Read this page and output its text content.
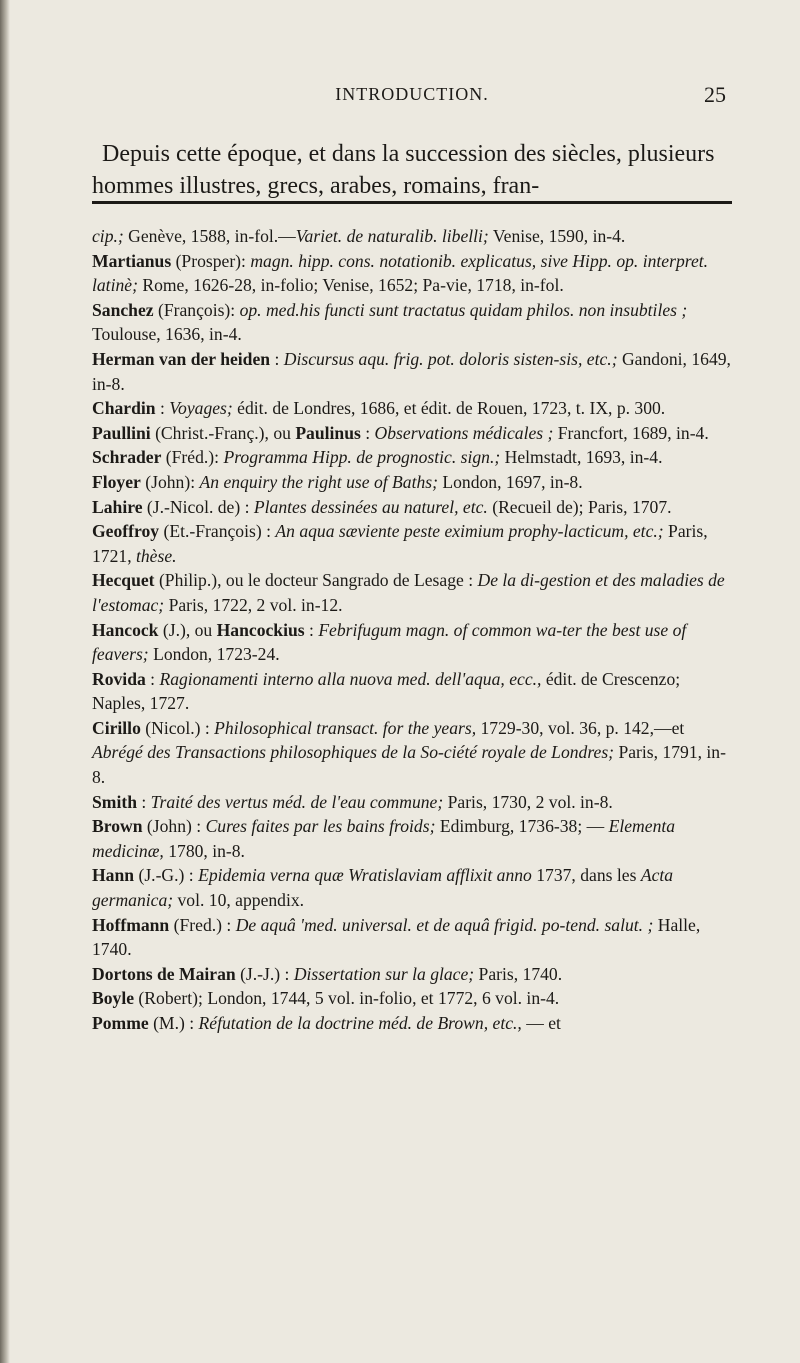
INTRODUCTION.	25

Depuis cette époque, et dans la succession des siècles, plusieurs hommes illustres, grecs, arabes, romains, fran-

cip.; Genève, 1588, in-fol.—Variet. de naturalib. libelli; Venise, 1590, in-4.

Martianus (Prosper): magn. hipp. cons. notationib. explicatus, sive Hipp. op. interpret. latinè; Rome, 1626-28, in-folio; Venise, 1652; Pa-vie, 1718, in-fol.

Sanchez (François): op. med.his functi sunt tractatus quidam philos. non insubtiles ; Toulouse, 1636, in-4.

Herman van der heiden : Discursus aqu. frig. pot. doloris sisten-sis, etc.; Gandoni, 1649, in-8.

Chardin : Voyages; édit. de Londres, 1686, et édit. de Rouen, 1723, t. IX, p. 300.

Paullini (Christ.-Franç.), ou Paulinus : Observations médicales ; Francfort, 1689, in-4.

Schrader (Fréd.): Programma Hipp. de prognostic. sign.; Helmstadt, 1693, in-4.

Floyer (John): An enquiry the right use of Baths; London, 1697, in-8.

Lahire (J.-Nicol. de) : Plantes dessinées au naturel, etc. (Recueil de); Paris, 1707.

Geoffroy (Et.-François) : An aqua sæviente peste eximium prophy-lacticum, etc.; Paris, 1721, thèse.

Hecquet (Philip.), ou le docteur Sangrado de Lesage : De la di-gestion et des maladies de l'estomac; Paris, 1722, 2 vol. in-12.

Hancock (J.), ou Hancockius : Febrifugum magn. of common wa-ter the best use of feavers; London, 1723-24.

Rovida : Ragionamenti interno alla nuova med. dell'aqua, ecc., édit. de Crescenzo; Naples, 1727.

Cirillo (Nicol.) : Philosophical transact. for the years, 1729-30, vol. 36, p. 142,—et Abrégé des Transactions philosophiques de la So-ciété royale de Londres; Paris, 1791, in-8.

Smith : Traité des vertus méd. de l'eau commune; Paris, 1730, 2 vol. in-8.

Brown (John) : Cures faites par les bains froids; Edimburg, 1736-38; — Elementa medicinæ, 1780, in-8.

Hann (J.-G.) : Epidemia verna quæ Wratislaviam afflixit anno 1737, dans les Acta germanica; vol. 10, appendix.

Hoffmann (Fred.) : De aquâ 'med. universal. et de aquâ frigid. po-tend. salut. ; Halle, 1740.

Dortons de Mairan (J.-J.) : Dissertation sur la glace; Paris, 1740.

Boyle (Robert); London, 1744, 5 vol. in-folio, et 1772, 6 vol. in-4.

Pomme (M.) : Réfutation de la doctrine méd. de Brown, etc., — et
